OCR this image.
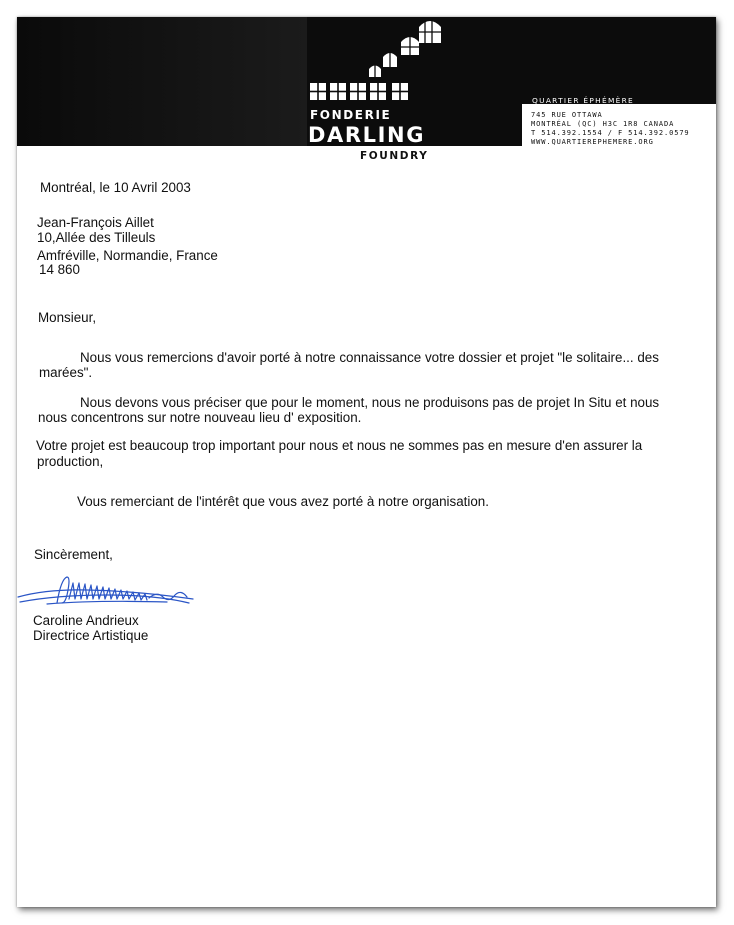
FONDERIE
DARLING
FOUNDRY
QUARTIER ÉPHÉMÈRE
745 RUE OTTAWA
MONTRÉAL (QC) H3C 1R8 CANADA
T 514.392.1554 / F 514.392.0579
WWW.QUARTIEREPHEMERE.ORG
Montréal, le 10 Avril 2003
Jean-François Aillet
10,Allée des Tilleuls
Amfréville, Normandie, France
14 860
Monsieur,
Nous vous remercions d'avoir porté à notre connaissance votre dossier et projet "le solitaire... des
marées".
Nous devons vous préciser que pour le moment, nous ne produisons pas de projet In Situ et nous
nous concentrons sur notre nouveau lieu d' exposition.
Votre projet est beaucoup trop important pour nous et nous ne sommes pas en mesure d'en assurer la
production,
Vous remerciant de l'intérêt que vous avez porté à notre organisation.
Sincèrement,
Caroline Andrieux
Directrice Artistique
